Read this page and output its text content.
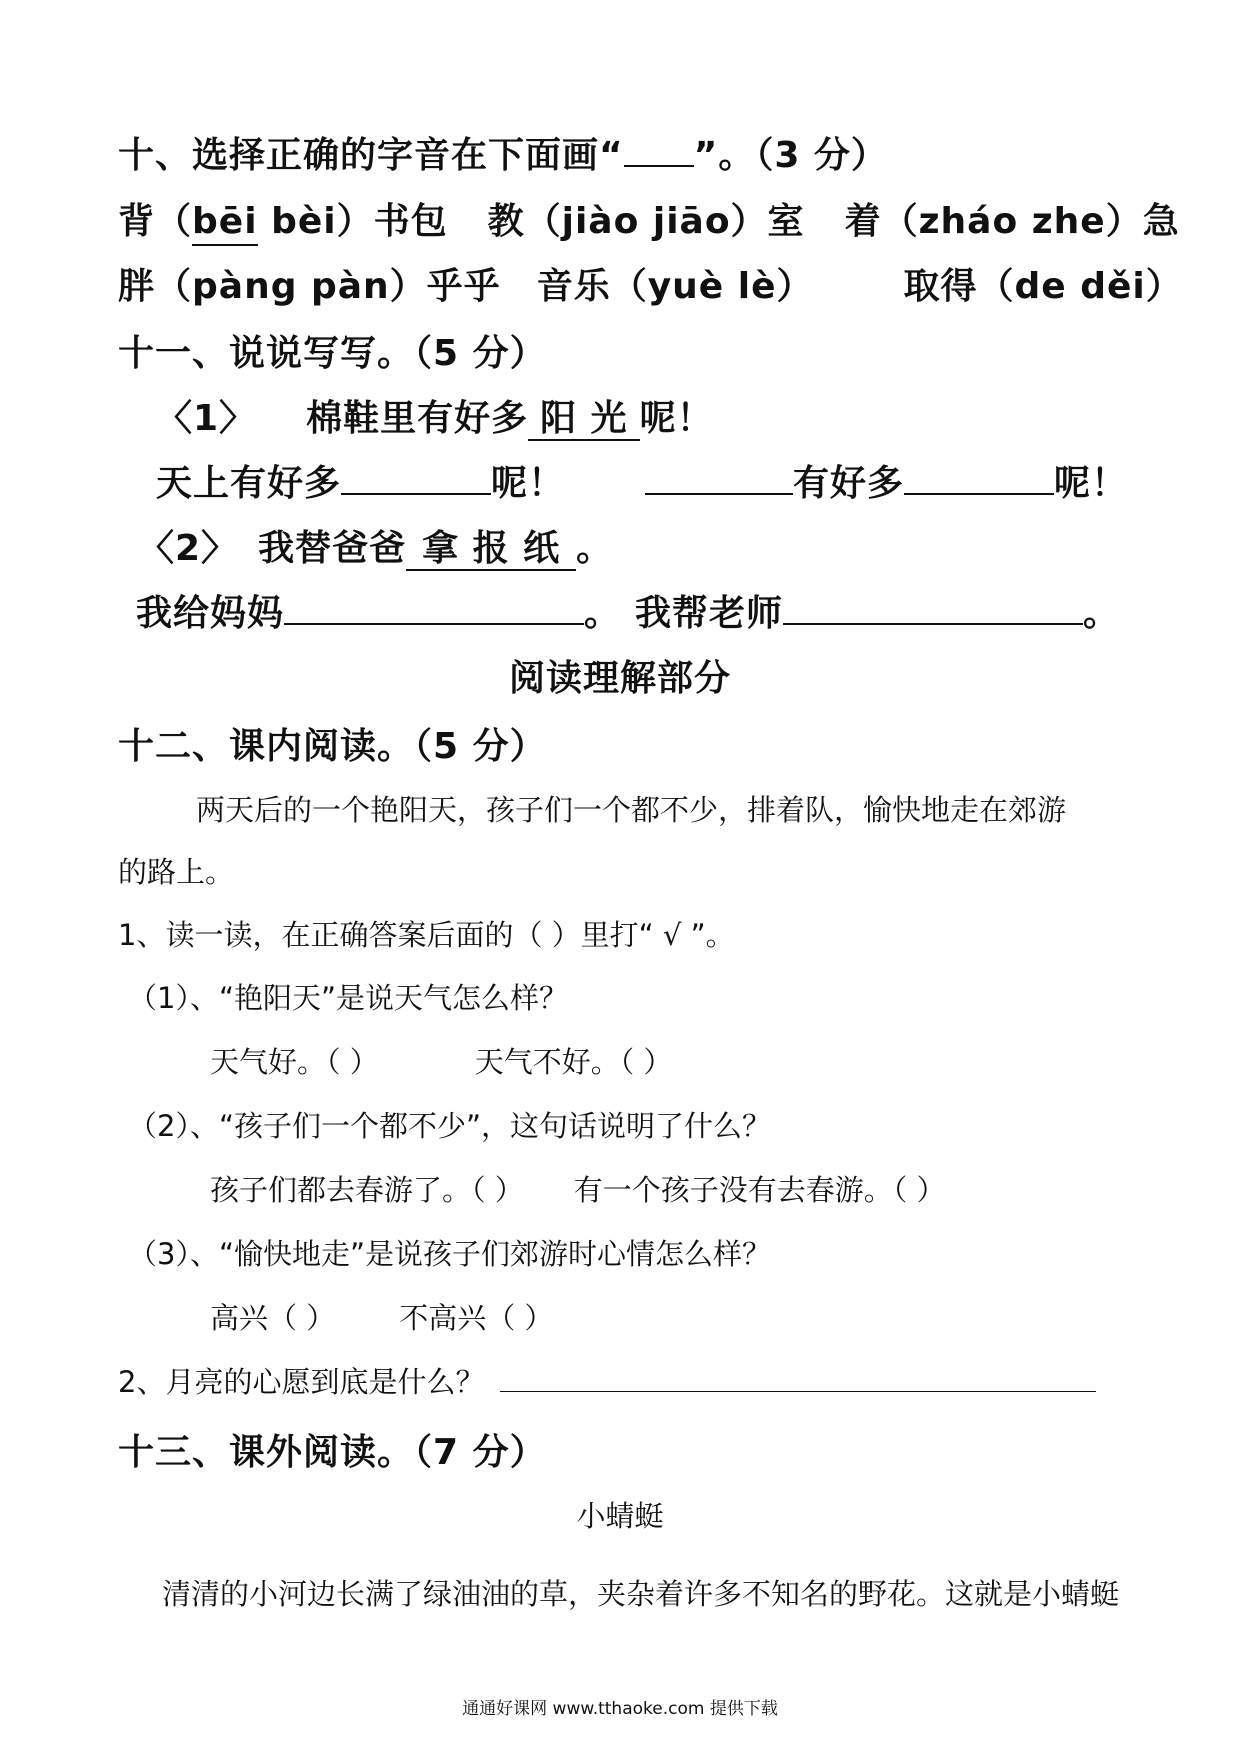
十、选择正确的字音在下面画“ ”。（3 分）
背（bēi bèi）书包 教（jiào jiāo）室 着（zháo zhe）急
胖（pàng pàn）乎乎 音乐（yuè lè）	取得（de děi）
十一、说说写写。（5 分）
〈1〉 棉鞋里有好多 阳 光 呢！
天上有好多	呢！	有好多	呢！
〈2〉 我替爸爸 拿 报 纸 。
我给妈妈	。 我帮老师	。
阅读理解部分
十二、课内阅读。（5 分）
两天后的一个艳阳天，孩子们一个都不少，排着队，愉快地走在郊游
的路上。
1、读一读，在正确答案后面的（ ）里打“ √ ”。
（1）、“艳阳天”是说天气怎么样？
天气好。（ ）	天气不好。（ ）
（2）、“孩子们一个都不少”，这句话说明了什么？
孩子们都去春游了。（ ） 有一个孩子没有去春游。（ ）
（3）、“愉快地走”是说孩子们郊游时心情怎么样？
高兴（ ） 不高兴（ ）
2、月亮的心愿到底是什么？
十三、课外阅读。（7 分）
小蜻蜓
清清的小河边长满了绿油油的草，夹杂着许多不知名的野花。这就是小蜻蜓
通通好课网 www.tthaoke.com 提供下载
